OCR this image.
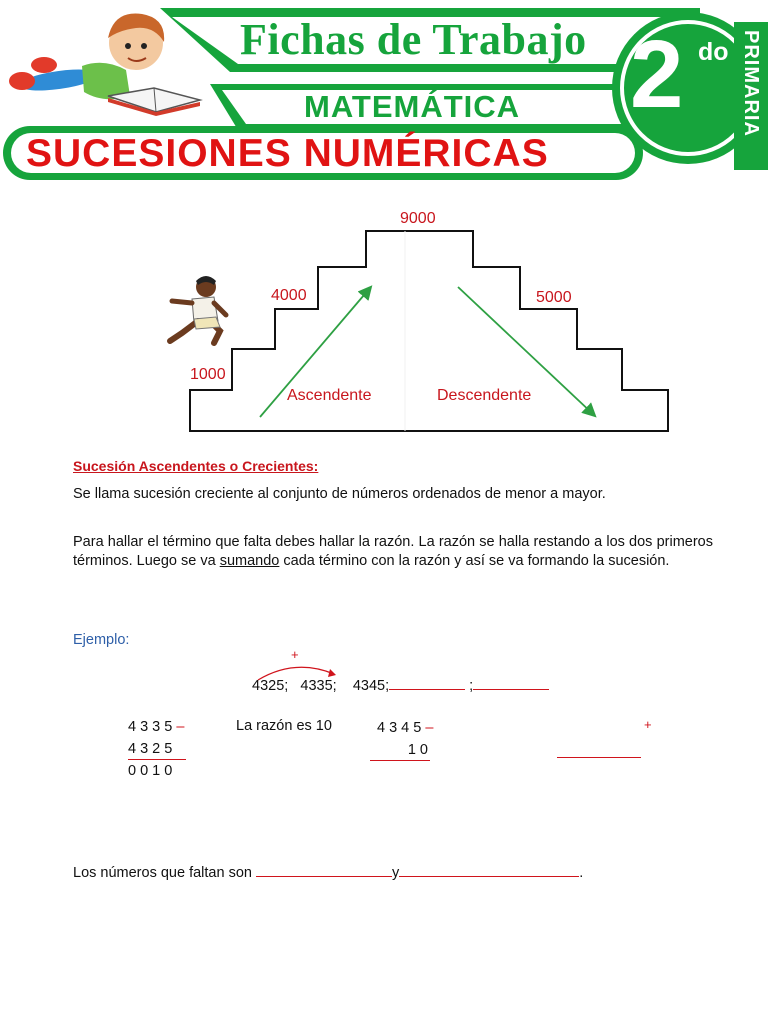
Fichas de Trabajo
MATEMÁTICA
SUCESIONES NUMÉRICAS
2 do PRIMARIA
1000
4000
9000
5000
Ascendente	Descendente
Sucesión Ascendentes o Crecientes:
Se llama sucesión creciente al conjunto de números ordenados de menor a mayor.
Para hallar el término que falta debes hallar la razón. La razón se halla restando a los dos primeros términos. Luego se va sumando cada término con la razón y así se va formando la sucesión.
Ejemplo:
+
4325; 4335; 4345;	;
4 3 3 5 –
4 3 2 5
0 0 1 0
La razón es 10	4 3 4 5 –
1 0
+
Los números que faltan son	y	.
